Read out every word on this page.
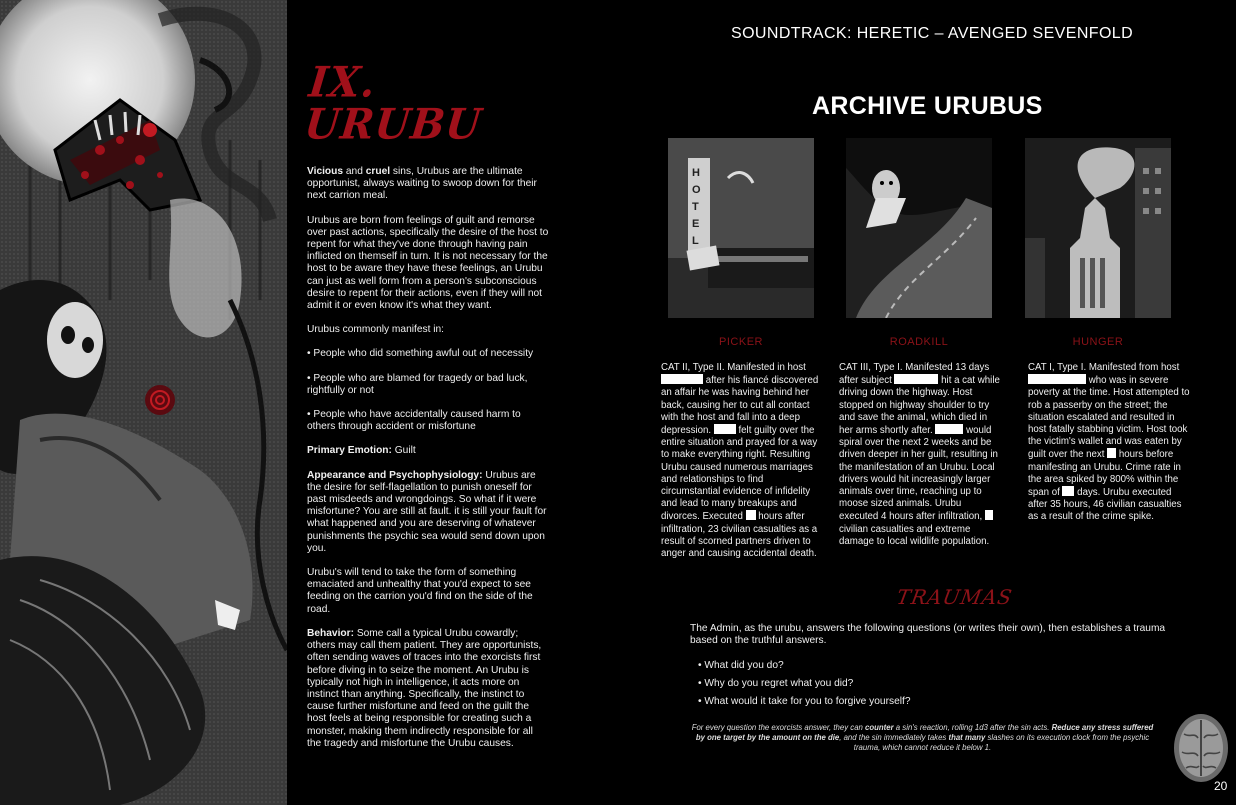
IX. URUBU

Vicious and cruel sins, Urubus are the ultimate opportunist, always waiting to swoop down for their next carrion meal.

Urubus are born from feelings of guilt and remorse over past actions, specifically the desire of the host to repent for what they've done through having pain inflicted on themself in turn. It is not necessary for the host to be aware they have these feelings, an Urubu can just as well form from a person's subconscious desire to repent for their actions, even if they will not admit it or even know it's what they want.

Urubus commonly manifest in:

• People who did something awful out of necessity

• People who are blamed for tragedy or bad luck, rightfully or not

• People who have accidentally caused harm to others through accident or misfortune

Primary Emotion: Guilt

Appearance and Psychophysiology: Urubus are the desire for self-flagellation to punish oneself for past misdeeds and wrongdoings. So what if it were misfortune? You are still at fault. it is still your fault for what happened and you are deserving of whatever punishments the psychic sea would send down upon you.

Urubu's will tend to take the form of something emaciated and unhealthy that you'd expect to see feeding on the carrion you'd find on the side of the road.

Behavior: Some call a typical Urubu cowardly; others may call them patient. They are opportunists, often sending waves of traces into the exorcists first before diving in to seize the moment. An Urubu is typically not high in intelligence, it acts more on instinct than anything. Specifically, the instinct to cause further misfortune and feed on the guilt the host feels at being responsible for creating such a monster, making them indirectly responsible for all the tragedy and misfortune the Urubu causes.

SOUNDTRACK: HERETIC – AVENGED SEVENFOLD
ARCHIVE URUBUS
H
O
T
E
L
PICKER

CAT II, Type II. Manifested in host  after his fiancé discovered an affair he was having behind her back, causing her to cut all contact with the host and fall into a deep depression.  felt guilty over the entire situation and prayed for a way to make everything right. Resulting Urubu caused numerous marriages and relationships to find circumstantial evidence of infidelity and lead to many breakups and divorces. Executed  hours after infiltration, 23 civilian casualties as a result of scorned partners driven to anger and causing accidental death.

ROADKILL

CAT III, Type I. Manifested 13 days after subject	hit a cat while driving down the highway. Host stopped on highway shoulder to try and save the animal, which died in her arms shortly after.	would spiral over the next 2 weeks and be driven deeper in her guilt, resulting in the manifestation of an Urubu. Local drivers would hit increasingly larger animals over time, reaching up to moose sized animals. Urubu executed 4 hours after infiltration,  civilian casualties and extreme damage to local wildlife population.

HUNGER

CAT I, Type I. Manifested from host  who was in severe poverty at the time. Host attempted to rob a passerby on the street; the situation escalated and resulted in host fatally stabbing victim. Host took the victim's wallet and was eaten by guilt over the next  hours before manifesting an Urubu. Crime rate in the area spiked by 800% within the span of  days. Urubu executed after 35 hours, 46 civilian casualties as a result of the crime spike.

TRAUMAS

The Admin, as the urubu, answers the following questions (or writes their own), then establishes a trauma based on the truthful answers.

• What did you do?
• Why do you regret what you did?
• What would it take for you to forgive yourself?

For every question the exorcists answer, they can counter a sin's reaction, rolling 1d3 after the sin acts. Reduce any stress suffered by one target by the amount on the die, and the sin immediately takes that many slashes on its execution clock from the psychic trauma, which cannot reduce it below 1.

20
